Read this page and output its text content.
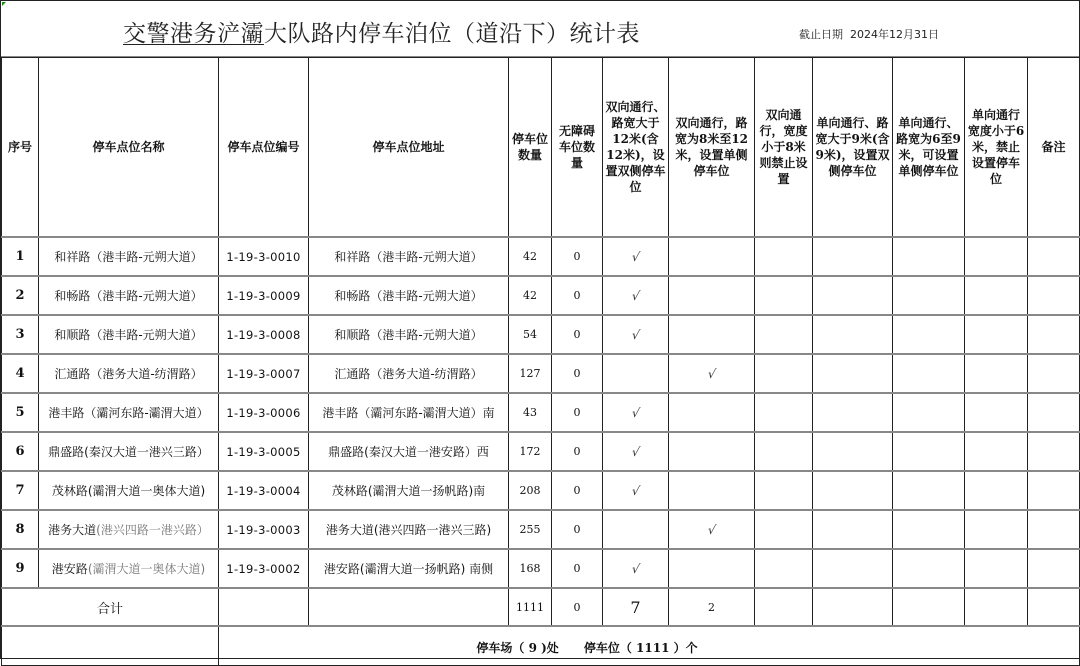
交警港务浐灞大队路内停车泊位（道沿下）统计表	截止日期 2024年12月31日
序号	停车点位名称	停车点位编号	停车点位地址	停车位数量	无障碍车位数量	双向通行、路宽大于12米(含12米)，设置双侧停车位	双向通行，路宽为8米至12米，设置单侧停车位	双向通行，宽度小于8米则禁止设置	单向通行、路宽大于9米(含9米)，设置双侧停车位	单向通行、路宽为6至9米，可设置单侧停车位	单向通行宽度小于6米，禁止设置停车位	备注
1	和祥路（港丰路-元朔大道）	1-19-3-0010	和祥路（港丰路-元朔大道）	42	0	√						
2	和畅路（港丰路-元朔大道）	1-19-3-0009	和畅路（港丰路-元朔大道）	42	0	√						
3	和顺路（港丰路-元朔大道）	1-19-3-0008	和顺路（港丰路-元朔大道）	54	0	√						
4	汇通路（港务大道-纺渭路）	1-19-3-0007	汇通路（港务大道-纺渭路）	127	0		√					
5	港丰路（灞河东路-灞渭大道）	1-19-3-0006	港丰路（灞河东路-灞渭大道）南	43	0	√						
6	鼎盛路(秦汉大道一港兴三路）	1-19-3-0005	鼎盛路(秦汉大道一港安路）西	172	0	√						
7	茂林路(灞渭大道一奥体大道)	1-19-3-0004	茂林路(灞渭大道一扬帆路)南	208	0	√						
8	港务大道(港兴四路一港兴路）	1-19-3-0003	港务大道(港兴四路一港兴三路)	255	0		√					
9	港安路(灞渭大道一奥体大道)	1-19-3-0002	港安路(灞渭大道一扬帆路) 南侧	168	0	√						
合计				1111	0	7	2					
		停车场（ 9 )处      停车位（ 1111 ）个										
